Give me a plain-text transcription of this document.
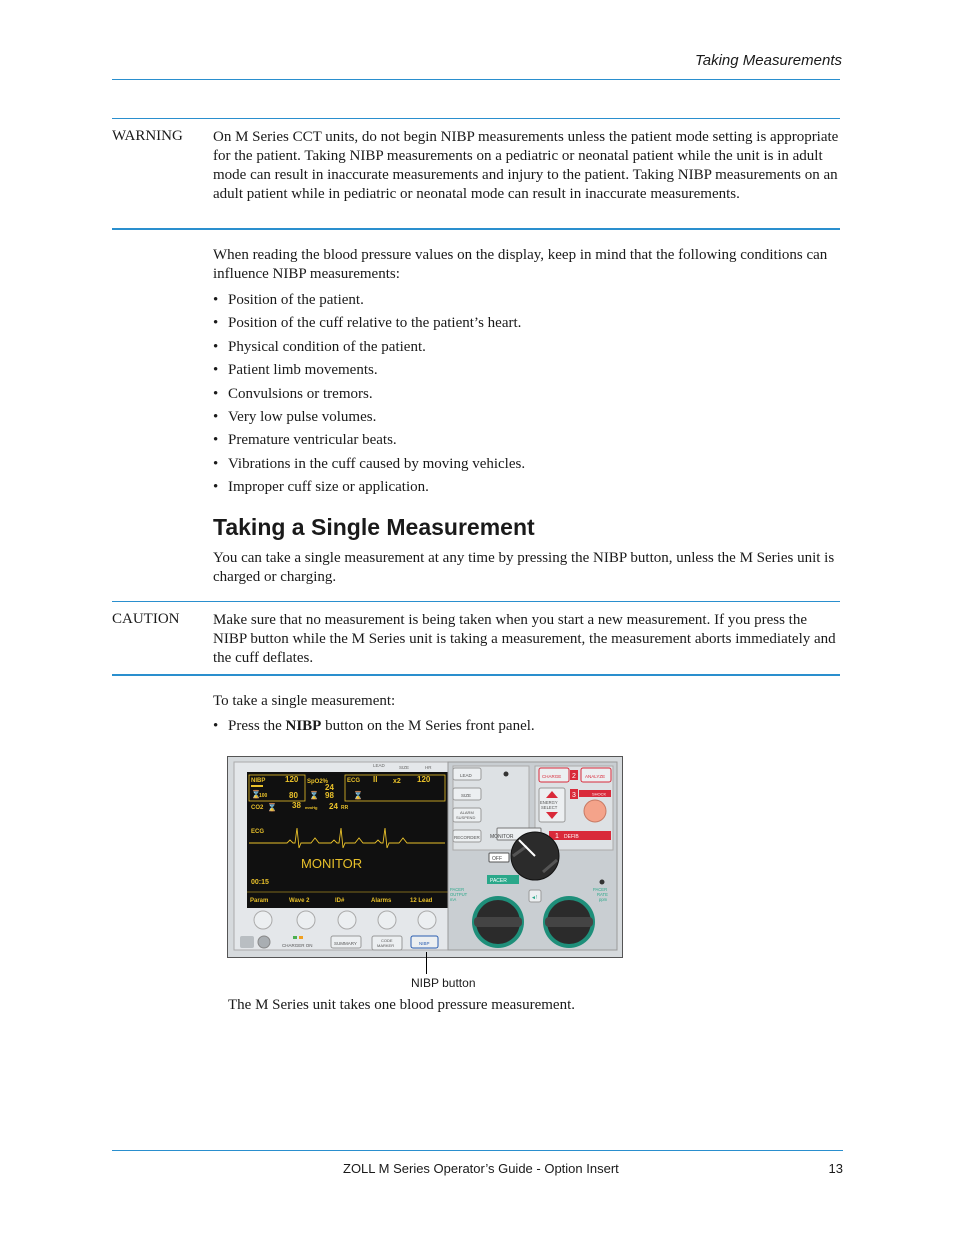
Taking Measurements
WARNING On M Series CCT units, do not begin NIBP measurements unless the patient mode setting is appropriate for the patient. Taking NIBP measurements on a pediatric or neonatal patient while the unit is in adult mode can result in inaccurate measurements and injury to the patient. Taking NIBP measurements on an adult patient while in pediatric or neonatal mode can result in inaccurate measurements.
When reading the blood pressure values on the display, keep in mind that the following conditions can influence NIBP measurements:
• Position of the patient.
• Position of the cuff relative to the patient’s heart.
• Physical condition of the patient.
• Patient limb movements.
• Convulsions or tremors.
• Very low pulse volumes.
• Premature ventricular beats.
• Vibrations in the cuff caused by moving vehicles.
• Improper cuff size or application.
Taking a Single Measurement
You can take a single measurement at any time by pressing the NIBP button, unless the M Series unit is charged or charging.
CAUTION Make sure that no measurement is being taken when you start a new measurement. If you press the NIBP button while the M Series unit is taking a measurement, the measurement aborts immediately and the cuff deflates.
To take a single measurement:
• Press the NIBP button on the M Series front panel.
LEAD	SIZE	HR
NIBP 120
⌛
100	80
SpO2%
24
⌛ 98
ECG II x2 120
⌛
CO2 ⌛ 38 mmHg 24 RR
ECG
MONITOR
00:15
Param	Wave 2	ID#	Alarms	12 Lead
CHARGER ON	SUMMARY
CODE
MARKER	NIBP
LEAD
SIZE
ALARM
SUSPEND
RECORDER
CHARGE 2 ANALYZE
ENERGY
SELECT
3	SHOCK
MONITOR	1 DEFIB
OFF
PACER
PACER
OUTPUT
mA	◄!
PACER
RATE
ppm
NIBP button
The M Series unit takes one blood pressure measurement.
ZOLL M Series Operator’s Guide - Option Insert	13
